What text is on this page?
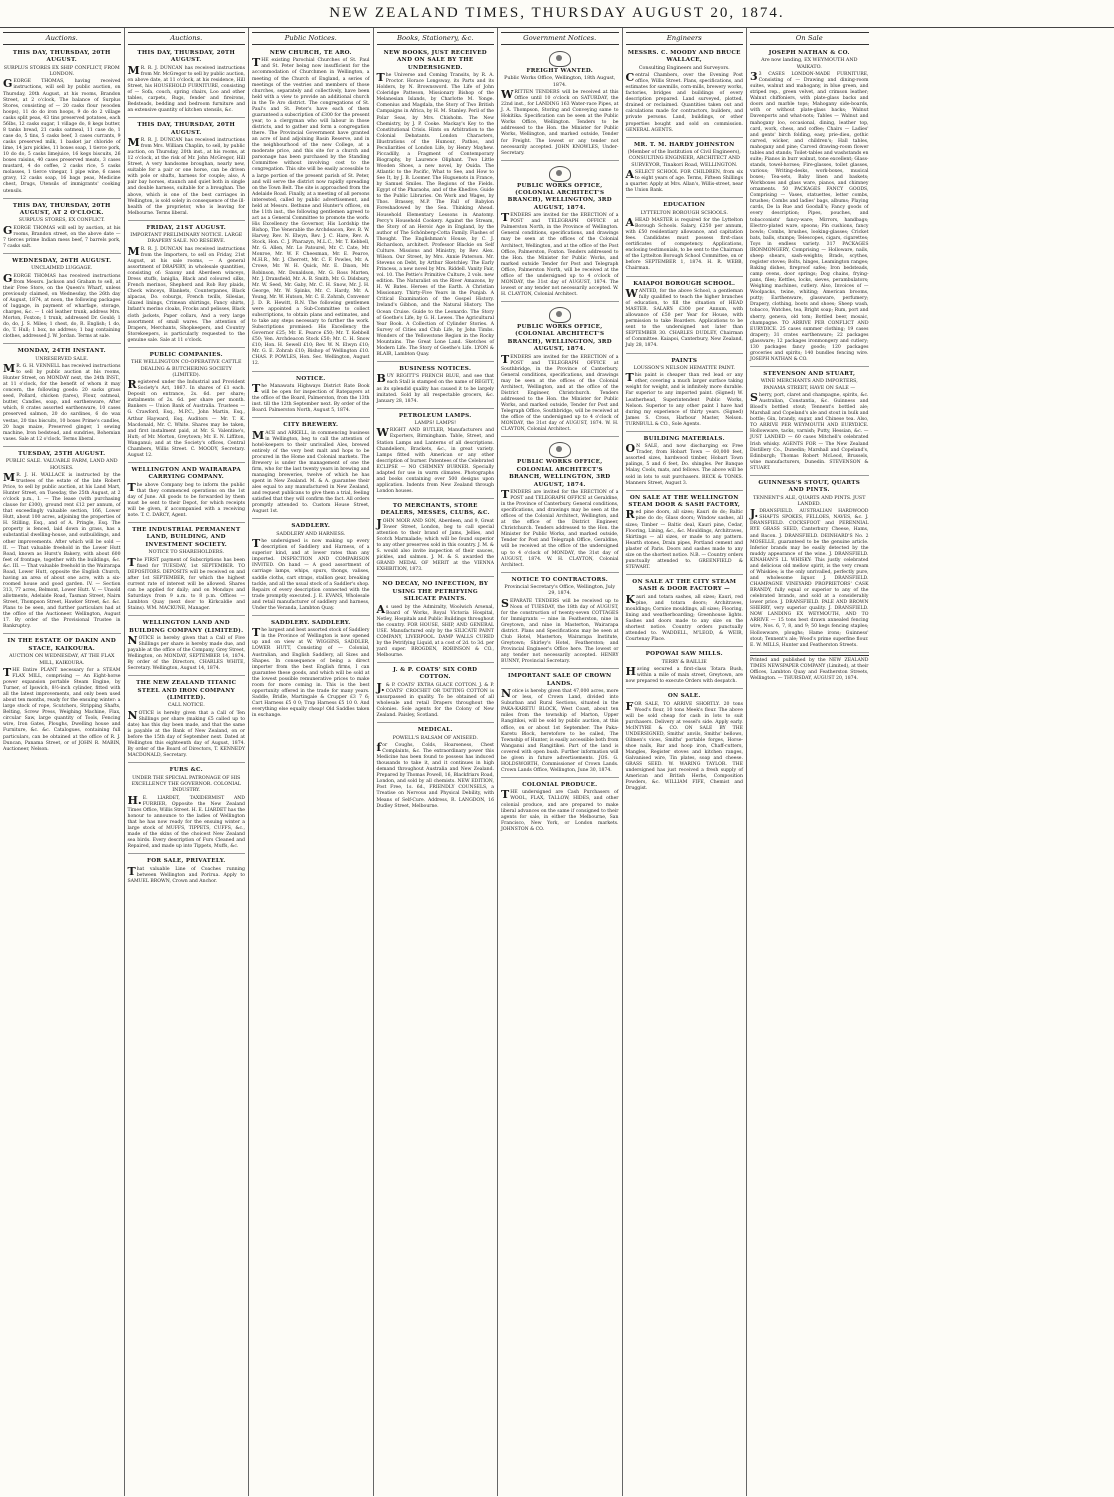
NEW ZEALAND TIMES, THURSDAY AUGUST 20, 1874.
Auctions.
THIS DAY, THURSDAY, 20TH AUGUST.
SURPLUS STORES EX SHIP CONFLICT, FROM LONDON.

GEORGE THOMAS, having received instructions, will sell by public auction, on Thursday, 20th August, at his rooms, Brandon Street, at 2 o'clock, The balance of Surplus Stores, consisting of — 20 casks flour (wooden hoops), 11 do do iron hoops, 9 do do 2 village casks split peas, 43 tins preserved potatoes, each 56lbs, 12 casks sugar, 1 village do, 8 kegs butter, 8 tanks bread, 21 casks oatmeal, 11 case do, 1 case do, 5 tins, 5 casks beef, 3 cases currants, 9 casks preserved milk, 1 basket jar chloride of lime, 14 jars pickles, 11 boxes soap, 1 tierce pork, 10 do do, 5 casks limejuice, 16 kegs biscuits, 26 boxes raisins, 40 cases preserved meats, 3 cases mustard, 4 do coffee, 2 casks rice, 5 casks molasses, 1 tierce vinegar, 1 pipe wine, 6 cases gravy, 12 casks soap, 16 bags peas, Medicine chest, Drugs, Utensils of immigrants' cooking utensils.

THIS DAY, THURSDAY, 20TH AUGUST, AT 2 O'CLOCK.
SURPLUS STORES, EX CONFLICT.

GEORGE THOMAS will sell by auction, at his rooms, Brandon street, on the above date — 7 tierces prime Indian mess beef, 7 barrels pork, 7 casks salt.

WEDNESDAY, 26TH AUGUST.
UNCLAIMED LUGGAGE.

GEORGE THOMAS has received instructions from Messrs. Jackson and Graham to sell, at their Free Store, on the Queen's Wharf, unless previously claimed, on Wednesday, the 26th day of August, 1874, at noon, the following packages of luggage, in payment of wharfage, storage, charges, &c. — 1 old leather trunk, address Mrs. Morton, Foxton; 1 trunk, addressed Dr. Gould; 1 do, do, J. S. Miles; 1 chest, do, R. English; 1 do, do, T. Hull; 1 box, no address; 1 bag containing clothes, addressed J. W. Jordan. Terms at sale.

MONDAY, 24TH INSTANT.
UNRESERVED SALE.

MR. G. H. VENNELL has received instructions to sell by public auction at his rooms, Hunter Street, on MONDAY next, the 24th INST., at 11 o'clock, for the benefit of whom it may concern, the following goods: 20 sacks grass seed, Pollard, chicken (tares), Flour, oatmeal, butter, Candles, soap, and earthenware, After which, 8 crates assorted earthenware, 10 cases preserved salmon, 20 do sardines, 6 do wax vestas, 20 tins biscuits, 10 boxes Prime's candles, 20 bags maize, Preserved ginger, 1 sewing machine, Iron bedstead, and sundries, Bohemian vases. Sale at 12 o'clock. Terms liberal.

TUESDAY, 25TH AUGUST.
PUBLIC SALE. VALUABLE FARM, LAND AND HOUSES.

MR. J. H. WALLACE is instructed by the trustees of the estate of the late Robert Price, to sell by public auction, at his Land Mart, Hunter Street, on Tuesday, the 25th August, at 2 o'clock p.m., I. — The lease (with purchasing clause for £300), ground rent £12 per annum, of that exceedingly valuable section, 166, Lower Hutt, about 100 acres, adjoining the properties of H. Stilling, Esq., and of A. Pringle, Esq. The property is fenced, laid down in grass, has a substantial dwelling-house, and outbuildings, and other improvements. After which will be sold — II. — That valuable freehold in the Lower Hutt Road, known as Hurst's Bakery, with about 600 feet of frontage, together with the buildings, &c. &c. III. — That valuable freehold in the Wairarapa Road, Lower Hutt, opposite the English Church, having an area of about one acre, with a six-roomed house and good garden. IV. — Section 313, 77 acres, Belmont, Lower Hutt. V. — Unsold allotments, Adelaide Road, Tasman Street, Nairn Street, Thompson Street, Hawker Street, &c. &c. Plans to be seen, and further particulars had at the office of the Auctioneer. Wellington, August 17. By order of the Provisional Trustee in Bankruptcy.

IN THE ESTATE OF DAKIN AND STACE, KAIKOURA.
AUCTION ON WEDNESDAY, AT THE FLAX MILL, KAIKOURA.

THE Entire PLANT necessary for a STEAM FLAX MILL, comprising — An Eight-horse power expansion portable Steam Engine, by Turner, of Ipswich, 8½-inch cylinder, fitted with all the latest improvements, and only been used about ten months, ready for the ensuing winter: a large stock of rope, Scutchers, Stripping Shafts, Belting, Screw Press, Weighing Machine, Flax, circular Saw, large quantity of Tools, Fencing wire, Iron Gates, Ploughs, Dwelling house and Furniture, &c. &c. Catalogues, containing full particulars, can be obtained at the office of R. J. Duncan, Panama Street, or of JOHN R. MABIN, Auctioneer, Nelson.

Auctions.
THIS DAY, THURSDAY, 20TH AUGUST.

MR. R. J. DUNCAN has received instructions from Mr. McGregor to sell by public auction, on above date, at 11 o'clock, at his residence, Hill Street, his HOUSEHOLD FURNITURE, consisting of — Sofa, couch, spring chairs, Loo and other tables, carpets, Rugs, fender and fireirons, Bedsteads, bedding and bedroom furniture and an extensive quantity of kitchen utensils, &c.

THIS DAY, THURSDAY, 20TH AUGUST.

MR. R. J. DUNCAN has received instructions from Mrs. William Chaplin, to sell, by public auction, on Thursday, 20th inst., at his rooms, at 12 o'clock, at the risk of Mr. John McGregor, Hill Street, A very handsome broughan, nearly new, suitable for a pair or one horse, can be driven with pole or shafts, harness for couple; also, A pair bay horses, staunch and quiet both in single and double harness, suitable for a broughan. The above, which is one of the best carriages in Wellington, is sold solely in consequence of the ill-health of the proprietor, who is leaving for Melbourne. Terms liberal.

FRIDAY, 21ST AUGUST.
IMPORTANT PRELIMINARY NOTICE. LARGE DRAPERY SALE. NO RESERVE.

MR. R. J. DUNCAN has received instructions from the Importers, to sell on Friday, 21st August, at his sale rooms, — A general assortment of DRAPERY, in wholesale quantities, consisting of: Saxony and Aberdeen winceys, Dress stuffs, laniglia, Black and coloured silks, French merinos, Shepherd and Rob Roy plaids, Check winceys, Blankets, Counterpanes, Black alpacas, Do. coburgs, French twills, Silesias, Glazed linings, Crimean shirtings, Fancy shirts, Infant's merino cloaks, Frocks and pelisses, Black cloth jackets, Paper collars, And a very large assortment of small wares. The attention of Drapers, Merchants, Shopkeepers, and Country Storekeepers, is particularly requested to the genuine sale. Sale at 11 o'clock.

PUBLIC COMPANIES.
THE WELLINGTON CO-OPERATIVE CATTLE DEALING & BUTCHERING SOCIETY (LIMITED).

Registered under the Industrial and Provident Society's Act, 1867. In shares of £1 each. Deposit on entrance, 2s. 6d. per share; instalments of 2s. 6d. per share per month. Bankers — Union Bank of Australia. Trustees — G. Crawford, Esq., M.P.C., John Martin, Esq., Arthur Hayward, Esq. Auditors — Mr. T. K. Macdonald, Mr. C. White. Shares may be taken, and first instalment paid, at Mr. S. Valentine's, Hutt; of Mr. Morton, Greytown; Mr. E. N. Liffiton, Wanganui; and at the Society's offices, Central Chambers, Willis Street. C. MOODY, Secretary. August 12.

WELLINGTON AND WAIRARAPA CARRYING COMPANY.

The above Company beg to inform the public that they commenced operations on the 1st day of June. All goods to be forwarded by them must be sent to their Depot, for which receipts will be given, if accompanied with a receiving note. T. C. DARCY, Agent.

THE INDUSTRIAL PERMANENT LAND, BUILDING, AND INVESTMENT SOCIETY.
NOTICE TO SHAREHOLDERS.

The FIRST payment of Subscriptions has been fixed for TUESDAY, 1st SEPTEMBER. TO DEPOSITORS. DEPOSITS will be received on and after 1st SEPTEMBER, for which the highest current rate of interest will be allowed. Shares can be applied for daily; and on Mondays and Saturdays from 9 a.m. to 8 p.m. Offices — Lambton Quay (next door to Kirkcaldie and Stains). WM. MACKUNE, Manager.

WELLINGTON LAND AND BUILDING COMPANY (LIMITED).

NOTICE is hereby given that a Call of Five Shillings per share is hereby made due, and payable at the office of the Company, Grey Street, Wellington, on MONDAY, SEPTEMBER 14, 1874. By order of the Directors, CHARLES WHITE, Secretary. Wellington, August 14, 1874.

THE NEW ZEALAND TITANIC STEEL AND IRON COMPANY (LIMITED).
CALL NOTICE.

NOTICE is hereby given that a Call of Ten Shillings per share (making £5 called up to date) has this day been made, and that the same is payable at the Bank of New Zealand, on or before the 15th day of September next. Dated at Wellington this eighteenth day of August, 1874. By order of the Board of Directors, T. KENNEDY MACDONALD, Secretary.

FURS &C.
UNDER THE SPECIAL PATRONAGE OF HIS EXCELLENCY THE GOVERNOR. COLONIAL INDUSTRY.

H.E. LIARDET, TAXIDERMIST AND FURRIER, Opposite the New Zealand Times Office, Willis Street. H. E. LIARDET has the honour to announce to the ladies of Wellington that he has now ready for the ensuing winter a large stock of MUFFS, TIPPETS, CUFFS, &c., made of the skins of the choicest New Zealand sea birds. Every description of Furs Cleaned and Repaired, and made up into Tippets, Muffs, &c.

FOR SALE, PRIVATELY.

That valuable Line of Coaches running between Wellington and Porirua. Apply to SAMUEL BROWN, Crown and Anchor.

Public Notices.
NEW CHURCH, TE ARO.

THE existing Parochial Churches of St. Paul and St. Peter being now insufficient for the accommodation of Churchmen in Wellington, a meeting of the Church of England, a series of meetings of the vestries and members of those churches, separately and collectively, have been held with a view to provide an additional church in the Te Aro district. The congregations of St. Paul's and St. Peter's have each of them guaranteed a subscription of £300 for the present year, to a clergyman who will labour in those districts, and to gather and form a congregation there. The Provincial Government have granted an acre of land adjoining Basin Reserve, and in the neighbourhood of the new College, at a moderate price, and this site for a church and parsonage has been purchased by the Standing Committee without involving cost to the congregation. This site will be easily accessible to a large portion of the present parish of St. Peter, and will serve the district now rapidly spreading on the Town Belt. The site is approached from the Adelaide Road. Finally, at a meeting of all persons interested, called by public advertisement, and held at Messrs. Bethune and Hunter's offices, on the 11th inst., the following gentlemen agreed to act as a General Committee to promote the work: His Excellency the Governor, His Lordship the Bishop, The Venerable the Archdeacon, Rev. B. W. Harvey, Rev. N. Elwyn, Rev. J. C. Hare, Rev. A. Stock, Hon. C. J. Pharazyn, M.L.C., Mr. T. Kebbell, Mr. G. Allen, Mr. Lo Patourel, Mr. C. Cate, Mr. Monroe, Mr. W. F. Cheesman, Mr. E. Pearce, M.H.R., Mr. J. Cherrett, Mr. C. F. Powles, Mr. A. Crowe, Mr. W. H. Quick, Mr. E. Dixon, Mr. Robinson, Mr. Donaldson, Mr. G. Ross Marten, Mr. J. Dransfield, Mr. A. B. Smith, Mr. G. Didsbury, Mr. W. Seed, Mr. Gaby, Mr. C. H. Snow, Mr. J. H. George, Mr. W. Spinks, Mr. C. Hardy, Mr. A. Young, Mr. W. Hutson, Mr. C. E. Zohrab, Convenor J. D. R. Hewitt, R.N. The following gentlemen were appointed a Sub-Committee to collect subscriptions, to obtain plans and estimates, and to take any steps necessary to further the work. Subscriptions promised: His Excellency the Governor £25; Mr. E. Pearce £50; Mr. T. Kebbell £50; Ven. Archdeacon Stock £50; Mr. C. H. Snow £10; Hon. H. Sewell £10; Rev. W. N. Elwyn £10; Mr. G. E. Zohrab £10; Bishop of Wellington £10. CHAS. P. POWLES, Hon. Sec. Wellington, August 12.

NOTICE.

The Manawatu Highways District Rate Book will be open for inspection of Ratepayers at the office of the Board, Palmerston, from the 13th inst. till the 12th September next. By order of the Board. Palmerston North, August 5, 1874.

CITY BREWERY.

MACE and ARKELL, in commencing business in Wellington, beg to call the attention of hotel-keepers to their unrivalled Ales, brewed entirely of the very best malt and hops to be procured in the Home and Colonial markets. The Brewery is under the management of one the firm, who for the last twenty years in brewing and managing breweries, twelve of which he has spent in New Zealand. M. & A. guarantee their ales equal to any manufactured in New Zealand, and request publicans to give them a trial, feeling satisfied that they will confirm the fact. All orders promptly attended to. Custom House Street, August 1st.

SADDLERY.
SADDLERY AND HARNESS.

The undersigned is now making up every description of Saddlery and Harness, of a superior kind, and at lower rates than any imported. INSPECTION AND COMPARISON INVITED. On hand — A good assortment of carriage lamps, whips, spurs, thongs, valises, saddle cloths, cart straps, stallion gear, breaking tackle, and all the usual stock of a Saddler's shop. Repairs of every description connected with the trade promptly executed. J. E. EVANS, Wholesale and retail manufacturer of saddlery and harness, Under the Veranda, Lambton Quay.

SADDLERY. SADDLERY.

The largest and best assorted stock of Saddlery in the Province of Wellington is now opened up and on view at W. WIGGINS, SADDLER, LOWER HUTT, Consisting of — Colonial, Australian, and English Saddlery, all Sizes and Shapes. In consequence of being a direct importer from the best English firms, I can guarantee these goods, and which will be sold at the lowest possible remunerative prices to make room for more coming in. This is the best opportunity offered in the trade for many years. Saddle, Bridle, Martingale & Crupper £3 7 6; Cart Harness £5 0 0; Trap Harness £5 10 0. And everything else equally cheap! Old Saddles taken in exchange.

Books, Stationery, &c.
NEW BOOKS, JUST RECEIVED AND ON SALE BY THE UNDERSIGNED.

The Universe and Coming Transits, by R. A. Proctor. Horace Longsway, its Parts and its Holders, by N. Brownsword. The Life of John Coleridge Patteson, Missionary Bishop of the Melanesian Islands, by Charlotte M. Yonge. Comenius and Magdala, the Story of Two British Campaigns in Africa, by H. M. Stanley. Peril of the Polar Seas, by Mrs. Chisholm. The New Chemistry, by J. P. Cooke. Mackay's Key to the Constitutional Crisis. Hints on Arbitration to the Colonial Debatants. London Characters, Illustrations of the Humour, Pathos, and Peculiarities of London Life, by Henry Mayhew. Piccadilly, a Fragment of Contemporary Biography, by Laurence Oliphant. Two Little Wooden Shoes, a new novel, by Ouida. The Atlantic to the Pacific, What to See, and How to See It, by J. B. Loomer. The Huguenots in France, by Samuel Smiles. The Regions of the Fields. Egypt of the Pharaohs, and of the Khedive. Guide to the Public Libraries. On Work and Wages, by Thos. Brassey, M.P. The Fall of Babylon Foreshadowed by the Sea. Thinking Ahead. Household Elementary Lessons in Anatomy. Percy's Household Cookery. Against the Stream, the Story of an Heroic Age in England, by the author of The Schönberg-Cotta Family. Flashes of Thought. The Englishman's House, by C. J. Richardson, architect. Professor Blackie on Self Culture. Missions and Ministry, by Rev. Alex. Wilson. Our Street, by Mrs. Annie Paterson. Mr. Stevens on Debt, by Arthur Sketchley. The Early Princess, a new novel by Mrs. Riddell. Vanity Fair, vol. 10. The Pettie's Primitive Culture, 2 vols. new edition. The Naturalist on the River Amazons, by H. W. Bates. Heroes of the Earth. A Christian Missionary. Thirty-Five Years in the Punjab. A Critical Examination of the Gospel History. Ireland's Gibbon, and the Natural History. The Ocean Cruise. Guide to the Leonardo. The Story of Goethe's Life, by G. H. Lewes. The Agricultural Year Book. A Collection of Cylinder Stories. A Survey of Cities and Club Life, by John Timbs. Wonders of the Yellowstone Region in the Rocky Mountains. The Great Lone Land. Sketches of Modern Life. The Story of Goethe's Life. LYON & BLAIR, Lambton Quay.

BUSINESS NOTICES.

BUY REGITT'S FRENCH BLUE, and see that each Stall is stamped on the name of REGITT, as its splendid quality has caused it to be largely imitated. Sold by all respectable grocers, &c. January 28, 1874.

PETROLEUM LAMPS.
LAMPS! LAMPS!

WRIGHT AND BUTLER, Manufacturers and Exporters, Birmingham. Table, Street, and Station Lamps and Lanterns of all descriptions. Chandeliers, Brackets, &c., in great variety. Lamps fitted with American or any other description of burner. Patentees of the Celebrated ECLIPSE — NO CHIMNEY BURNER. Specially adapted for use in warm climates. Photographs and books containing over 500 designs upon application. Indents from New Zealand through London houses.

TO MERCHANTS, STORE DEALERS, MESSES, CLUBS, &C.

JOHN MOIR AND SON, Aberdeen, and 9, Great Tower Street, London, beg to call special attention to their brand of Jams, Jellies, and Scotch Marmalade; which will be found superior to any other preserves sold in this country. J. M. & S. would also invite inspection of their sauces, pickles, and salmon. J. M. & S. awarded the GRAND MEDAL OF MERIT at the VIENNA EXHIBITION, 1873.

NO DECAY, NO INFECTION, BY USING THE PETRIFYING SILICATE PAINTS.

As used by the Admiralty, Woolwich Arsenal, Board of Works, Royal Victoria Hospital, Netley, Hospitals and Public Buildings throughout the country. FOR HOUSE, SHIP, AND GENERAL USE. Manufactured only by the SILICATE PAINT COMPANY, LIVERPOOL. DAMP WALLS CURED by the Petrifying Liquid, at a cost of 2d. to 3d. per yard super. BROGDEN, ROBINSON & CO., Melbourne.

J. & P. COATS' SIX CORD COTTON.

J.& P. COATS' EXTRA GLACE COTTON. J. & P. COATS' CROCHET OR TATTING COTTON is unsurpassed in quality. To be obtained of all wholesale and retail Drapers throughout the Colonies. Sole agents for the Colony of New Zealand. Paisley, Scotland.

MEDICAL.
POWELL'S BALSAM OF ANISEED.

for Coughs, Colds, Hoarseness, Chest Complaints, &c. The extraordinary power this Medicine has been found to possess has induced thousands to take it, and it continues in high demand throughout Australia and New Zealand. Prepared by Thomas Powell, 16, Blackfriars Road, London, and sold by all chemists. NEW EDITION, Post Free, 1s. 6d., FRIENDLY COUNSELS, a Treatise on Nervous and Physical Debility, with Means of Self-Cure. Address, R. LANGDON, 16 Dudley Street, Melbourne.

Government Notices.
FREIGHT WANTED.
Public Works Office, Wellington, 18th August, 1874.

WRITTEN TENDERS will be received at this Office until 10 o'clock on SATURDAY, the 22nd inst., for LANDING 163 Water-race Pipes, at J. A. Thompson, Storing and Conveying same to Hokitika. Specification can be seen at the Public Works Office, Wellington. Tenders to be addressed to the Hon. the Minister for Public Works, Wellington, and marked outside, Tender for Freight. The lowest or any tender not necessarily accepted. JOHN KNOWLES, Under-Secretary.

PUBLIC WORKS OFFICE, (COLONIAL ARCHITECT'S BRANCH), WELLINGTON, 3RD AUGUST, 1874.

TENDERS are invited for the ERECTION of a POST and TELEGRAPH OFFICE at Palmerston North, in the Province of Wellington. General conditions, specifications, and drawings may be seen at the offices of the Colonial Architect, Wellington, and at the office of the Post Office, Palmerston, Foxton. Tenders addressed to the Hon. the Minister for Public Works, and marked outside Tender for Post and Telegraph Office, Palmerston North, will be received at the office of the undersigned up to 4 o'clock of MONDAY, the 31st day of AUGUST, 1874. The lowest or any tender not necessarily accepted. W. H. CLAYTON, Colonial Architect.

PUBLIC WORKS OFFICE, (COLONIAL ARCHITECT'S BRANCH), WELLINGTON, 3RD AUGUST, 1874.

TENDERS are invited for the ERECTION of a POST and TELEGRAPH OFFICE at Southbridge, in the Province of Canterbury. General conditions, specifications, and drawings may be seen at the offices of the Colonial Architect, Wellington, and at the office of the District Engineer, Christchurch. Tenders addressed to the Hon. the Minister for Public Works, and marked outside, Tender for Post and Telegraph Office, Southbridge, will be received at the office of the undersigned up to 4 o'clock of MONDAY, the 31st day of AUGUST, 1874. W. H. CLAYTON, Colonial Architect.

PUBLIC WORKS OFFICE, COLONIAL ARCHITECT'S BRANCH, WELLINGTON, 3RD AUGUST, 1874.

TENDERS are invited for the ERECTION of a POST and TELEGRAPH OFFICE at Geraldine, in the Province of Canterbury. General conditions, specifications, and drawings may be seen at the offices of the Colonial Architect, Wellington, and at the office of the District Engineer, Christchurch. Tenders addressed to the Hon. the Minister for Public Works, and marked outside, Tender for Post and Telegraph Office, Geraldine, will be received at the office of the undersigned up to 4 o'clock of MONDAY, the 31st day of AUGUST, 1874. W. H. CLAYTON, Colonial Architect.

NOTICE TO CONTRACTORS.
Provincial Secretary's Office, Wellington, July 29, 1874.

SEPARATE TENDERS will be received up to Noon of TUESDAY, the 18th day of AUGUST, for the construction of twenty-seven COTTAGES for Immigrants — nine in Featherston, nine in Greytown, and nine in Masterton, Wairarapa district. Plans and Specifications may be seen at Club Hotel, Masterton; Wairarapa Institute, Greytown; Shirley's Hotel, Featherston; and Provincial Engineer's Office here. The lowest or any tender not necessarily accepted. HENRY BUNNY, Provincial Secretary.

IMPORTANT SALE OF CROWN LANDS.

Notice is hereby given that 47,000 acres, more or less, of Crown Land, divided into Suburban and Rural Sections, situated in the PAKA-KARETU BLOCK, West Coast, about ten miles from the township of Marton, Upper Rangitikei, will be sold by public auction, at this office, on or about 1st September. The Paka-Karetu Block, heretofore to be called, The Township of Hunter, is easily accessible both from Wanganui and Rangitikei. Part of the land is covered with open bush. Further information will be given in future advertisements. JOS. G. HOLDSWORTH, Commissioner of Crown Lands. Crown Lands Office, Wellington, June 30, 1874.

COLONIAL PRODUCE.

THE undersigned are Cash Purchasers of WOOL, FLAX, TALLOW, HIDES, and other colonial produce, and are prepared to make liberal advances on the same if consigned to their agents for sale, in either the Melbourne, San Francisco, New York, or London markets. JOHNSTON & CO.

Engineers
MESSRS. C. MOODY AND BRUCE WALLACE,
Consulting Engineers and Surveyors.

Central Chambers, over the Evening Post office, Willis Street. Plans, specifications, and estimates for sawmills, corn-mills, brewery works, factories, bridges and buildings of every description prepared. Land surveyed, plotted, drained or reclaimed. Quantities taken out and calculations made for contractors, builders, and private persons. Land, buildings, or other properties bought and sold on commission. GENERAL AGENTS.

MR. T. M. HARDY JOHNSTON
(Member of the Institution of Civil Engineers), CONSULTING ENGINEER, ARCHITECT AND SURVEYOR, Tinakori Road, WELLINGTON.

ASELECT SCHOOL FOR CHILDREN, from six to eight years of age. Terms, Fifteen Shillings a quarter. Apply at Mrs. Allan's, Willis-street, near the Union Bank.

EDUCATION
LYTTELTON BOROUGH SCHOOLS.

AHEAD MASTER is required for the Lyttelton Borough Schools. Salary, £250 per annum, with £50 residentiary allowance, and capitation fees. Candidates must possess first-class certificates of competency. Applications, enclosing testimonials, to be sent to the Chairman of the Lyttelton Borough School Committee, on or before SEPTEMBER 1, 1874. H. R. WEBB, Chairman.

KAIAPOI BOROUGH SCHOOL.

WANTED, for the above School, a gentleman fully qualified to teach the higher branches of education, to fill the situation of HEAD MASTER. SALARY: £300 per Annum, with allowance of £50 per Year for House, with permission to take Boarders. Applications to be sent to the undersigned not later than SEPTEMBER 30. CHARLES DUDLEY, Chairman of Committee. Kaiapoi, Canterbury, New Zealand, July 28, 1874.

PAINTS
LOUSSON'S NELSON HEMATITE PAINT.

This paint is cheaper than red lead or any other, covering a much larger surface taking weight for weight, and is infinitely more durable. Far superior to any imported paint. (Signed) W. Leatherhead, Superintendent Public Works, Nelson. Superior to any other paint I have had during my experience of thirty years. (Signed) James S. Cross, Harbour Master, Nelson. TURNBULL & CO., Sole Agents.

BUILDING MATERIALS.

ON SALE, and now discharging ex Free Trader, from Hobart Town — 60,000 feet, assorted sizes, hardwood timber, Hobart Town palings, 5 and 6 feet, Do. shingles. Per Banque Malay, Cools, mats, and fellows. The above will be sold in lots to suit purchasers. BECK & TONKS. Manners Street, August 3.

ON SALE AT THE WELLINGTON STEAM DOOR & SASH FACTORY,

Red pine doors, all sizes; Kauri do do; Baltic pine do do; Glass doors; Window sashes, all sizes; Timber — Baltic deal, Kauri pine, Cedar, Flooring, Lining, &c., &c. Mouldings, Architraves, Skirtings — all sizes, or made to any pattern. Hearth stones, Drain pipes, Portland cement and plaster of Paris. Doors and sashes made to any size on the shortest notice. N.B. — Country orders punctually attended to. GREENFIELD & STEWART.

ON SALE AT THE CITY STEAM SASH & DOOR FACTORY —

Kauri and totara sashes, all sizes; Kauri, red pine, and totara doors; Architraves, mouldings; Cornice mouldings, all sizes; Flooring, lining and weatherboarding; Greenhouse lights. Sashes and doors made to any size on the shortest notice. Country orders punctually attended to. WADDELL, M'LEOD, & WEIR, Courtenay Place.

POPOWAI SAW MILLS.
TERRY & BAILLIE

Having secured a first-class Totara Bush, within a mile of main street, Greytown, are now prepared to execute Orders with despatch.

ON SALE.

FOR SALE, TO ARRIVE SHORTLY. 20 tons Wood's flour, 10 tons Meek's flour. The above will be sold cheap for cash in lots to suit purchasers. Delivery at vessel's side. Apply early. McINTYRE & CO. ON SALE BY THE UNDERSIGNED, Smiths' anvils, Smiths' bellows, Oilmen's vices, Smiths' portable forges, Horse-shoe nails, Bar and hoop iron, Chaff-cutters, Mangles, Register stoves and kitchen ranges, Galvanised wire, Tin plates, soap and cheese. GRASS SEED. W. WARING TAYLOR. THE undersigned has just received a fresh supply of American and British Herbs, Composition Powders, &c. WILLIAM FIFE, Chemist and Druggist.

On Sale
JOSEPH NATHAN & CO.
Are now landing, EX WEYMOUTH AND WAIKATO.

33 CASES LONDON-MADE FURNITURE, Consisting of — Drawing and dining-room suites, walnut and mahogany, in blue green, and striped rep., green velvet, and crimson leather; Walnut chiffoniers, with plate-glass backs and doors and marble tops; Mahogany side-boards, with or without plate-glass backs; Walnut Davenports and what-nots; Tables — Walnut and mahogany loo, occasional, dining, leather top, card, work, chess, and coffee; Chairs — Ladies' and gents' birch folding, easy, prie-dieu, gothic carved, wicker, and children's; Hall tables, mahogany and pine; Carved drawing-room flower tables and stands; Toilet-tables and washstands en suite; Pianos in burr walnut, tone excellent; Glass-stands, towel-horses; Fire-glasses, toilet glasses, various; Writing-desks, work-boxes, musical boxes; Tea-sets, Baby linen and baskets; Workboxes and glass ware, pianos, and chimney ornaments. 50 PACKAGES FANCY GOODS, Comprising — Vases, statuettes, letter combs, brushes; Combs and ladies' bags, albums; Playing cards, De la Rue and Goodall's; Fancy goods of every description; Pipes, pouches, and tobacconists' fancy-ware; Mirrors, handbags; Electro-plated ware, spoons; Pin cushions, fancy bowls; Combs, brushes, looking-glasses; Cricket bats, balls, stumps; Telescopes, cigars, cigarettes; Toys in endless variety. 317 PACKAGES IRONMONGERY, Comprising — Holloware, nails, sheep shears, sash-weights; Brads, scythes, register stoves; Bolts, hinges, Leamington ranges; Baking dishes, fireproof safes; Iron bedsteads, camp ovens, door springs; Dog chains, frying-pans, files; Kettles, locks, sieves, perambulators; Weighing machines, cutlery. Also, Invoices of — Woolpacks, twine, whiting; American brooms, putty; Earthenware, glassware, perfumery; Drapery, clothing, boots and shoes; Sheep wash, tobacco, Watches, tea, Bright soap; Rum, port and sherry, geneva, old tom; Bottled beer, mosaic, champagne. TO ARRIVE PER CONFLICT AND EURYDICE. 25 cases summer clothing; 19 cases drapery; 31 crates earthenware; 22 packages glassware; 12 packages ironmongery and cutlery; 130 packages fancy goods; 120 packages groceries and spirits; 140 bundles fencing wire. JOSEPH NATHAN & CO.

STEVENSON AND STUART,
WINE MERCHANTS AND IMPORTERS, PANAMA STREET, HAVE ON SALE —

Sherry, port, claret and champagne, spirits, &c. Australian, Constantia, &c. Guinness and Blood's bottled stout; Tennent's bottled ale; Marshall and Copeland's ale and stout in bulk and bottle; Gin, brandy, sugar, and Chinese tea. Also, TO ARRIVE PER WEYMOUTH AND EURYDICE. Hollowware, tacks, varnish; Putty, Hessian, &c. — JUST LANDED — 60 cases Mitchell's celebrated Irish whisky. AGENTS FOR — The New Zealand Distillery Co., Dunedin; Marshall and Copeland's, Edinburgh; Thomas Robert McLeod, Brussels, wine manufacturers, Dunedin. STEVENSON & STUART.

GUINNESS'S STOUT, QUARTS AND PINTS.
TENNENT'S ALE, QUARTS AND PINTS. JUST LANDED.

J.DRANSFIELD. AUSTRALIAN HARDWOOD SHAFTS SPOKES, FELLOES, NAVES, &c. J. DRANSFIELD. COCKSFOOT and PERENNIAL RYE GRASS SEED, Canterbury Cheese, Hams, and Bacon. J. DRANSFIELD. DEINHARD'S No. 2 MOSELLE, guaranteed to be the genuine article. Inferior brands may be easily detected by the muddy appearance of the wine. J. DRANSFIELD. KINAHAN'S LL WHISKY: This justly celebrated and delicious old mellow spirit, is the very cream of Whiskies; is the only unrivalled, perfectly pure, and wholesome liquor. J. DRANSFIELD. CHAMPAGNE VINEYARD PROPRIETORS' CASK BRANDY, fully equal or superior to any of the celebrated brands, and sold at a considerably lower price. J. DRANSFIELD. PALE AND BROWN SHERRY, very superior quality. J. DRANSFIELD. NOW LANDING EX WEYMOUTH, AND TO ARRIVE — 15 tons best drawn annealed fencing wire, Nos. 6, 7, 8, and 9; 50 kegs fencing staples; Hollowware, ploughs; Hame irons; Guinness' stout; Tennent's ale; Wood's prime superfine flour. E. W. MILLS, Hunter and Featherston Streets.

Printed and published by the NEW ZEALAND TIMES NEWSPAPER COMPANY (Limited), at their Offices, Lambton Quay and Featherston Streets, Wellington. — THURSDAY, AUGUST 20, 1874.
